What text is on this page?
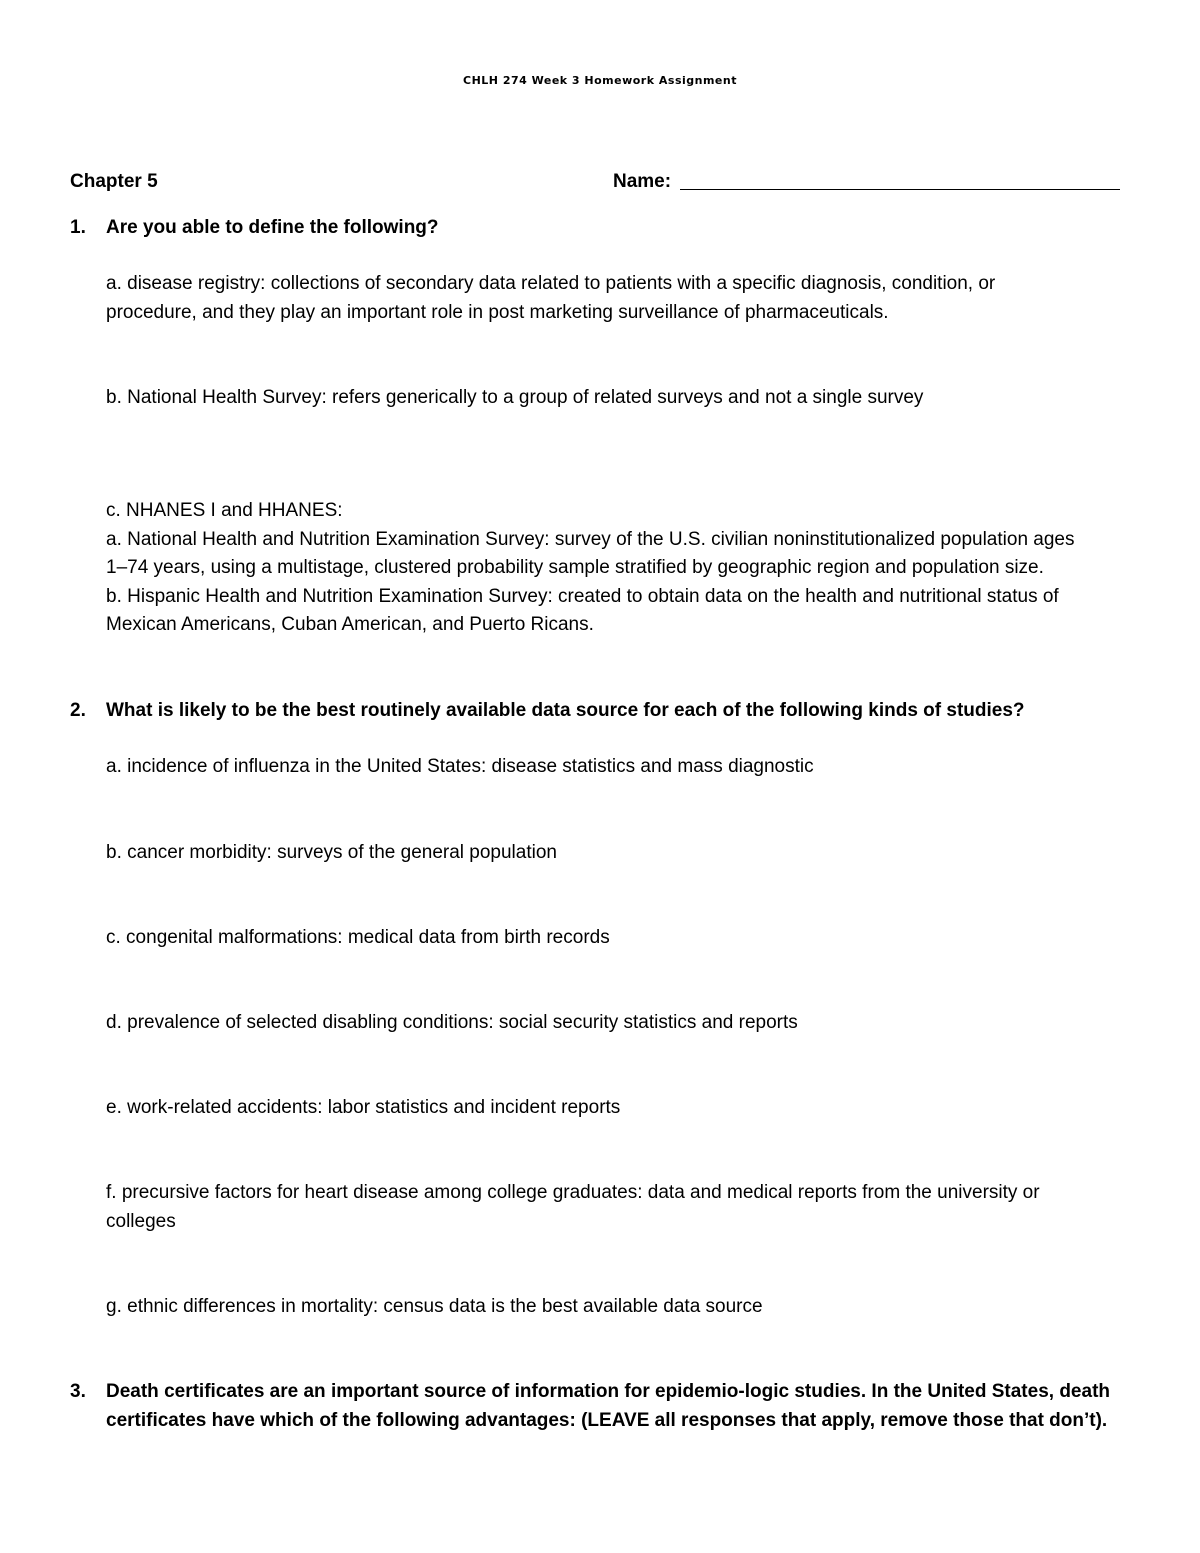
CHLH 274 Week 3 Homework Assignment
Chapter 5	Name:
1. Are you able to define the following?
a. disease registry: collections of secondary data related to patients with a specific diagnosis, condition, or
procedure, and they play an important role in post marketing surveillance of pharmaceuticals.
b. National Health Survey: refers generically to a group of related surveys and not a single survey
c. NHANES I and HHANES:
a. National Health and Nutrition Examination Survey: survey of the U.S. civilian noninstitutionalized population ages
1–74 years, using a multistage, clustered probability sample stratified by geographic region and population size.
b. Hispanic Health and Nutrition Examination Survey: created to obtain data on the health and nutritional status of
Mexican Americans, Cuban American, and Puerto Ricans.
2. What is likely to be the best routinely available data source for each of the following kinds of studies?
a. incidence of influenza in the United States: disease statistics and mass diagnostic
b. cancer morbidity: surveys of the general population
c. congenital malformations: medical data from birth records
d. prevalence of selected disabling conditions: social security statistics and reports
e. work-related accidents: labor statistics and incident reports
f. precursive factors for heart disease among college graduates: data and medical reports from the university or
colleges
g. ethnic differences in mortality: census data is the best available data source
3. Death certificates are an important source of information for epidemio-logic studies. In the United States, death
certificates have which of the following advantages: (LEAVE all responses that apply, remove those that don’t).
